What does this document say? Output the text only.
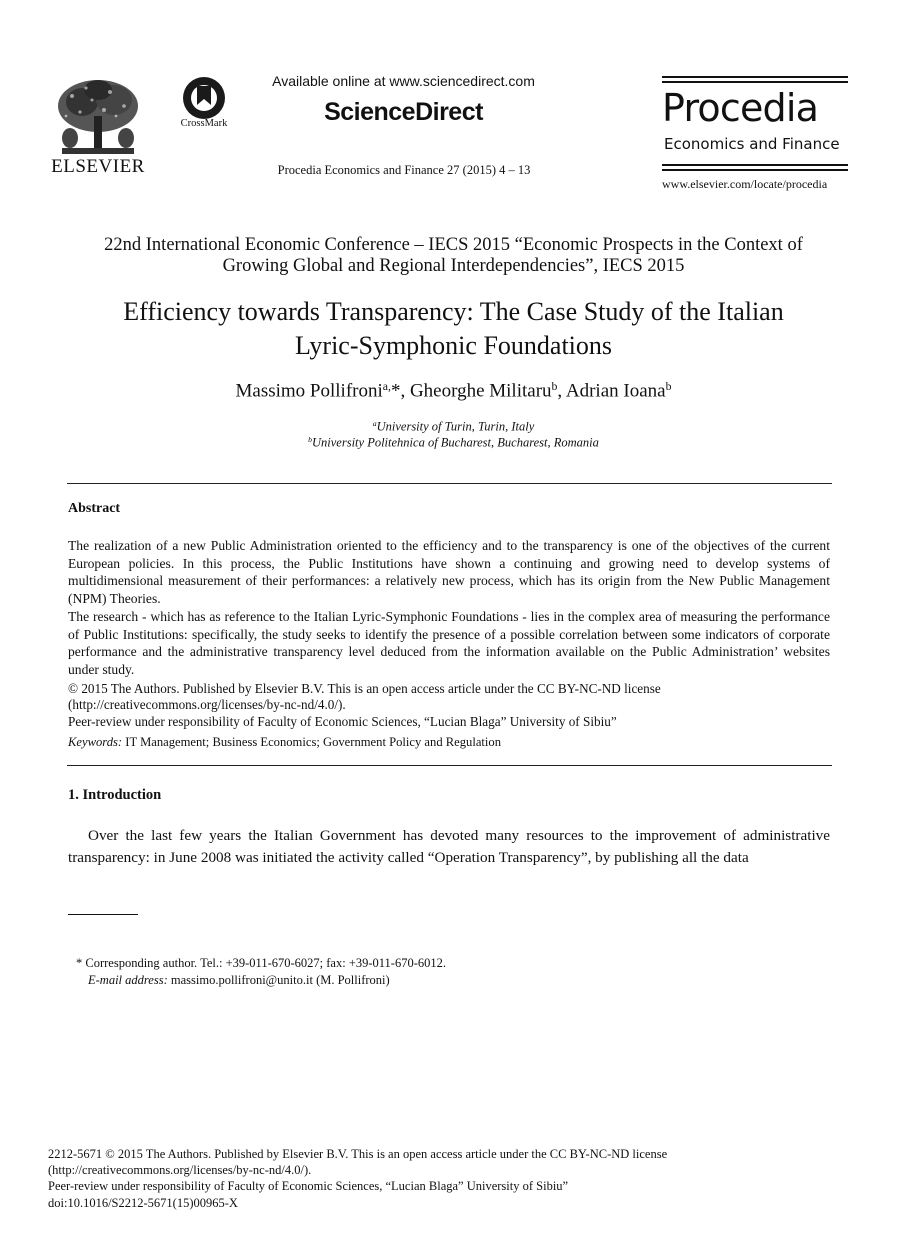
ELSEVIER
CrossMark
Available online at www.sciencedirect.com
ScienceDirect
Procedia Economics and Finance 27 (2015) 4 – 13
Procedia
Economics and Finance
www.elsevier.com/locate/procedia
22nd International Economic Conference – IECS 2015 “Economic Prospects in the Context of
Growing Global and Regional Interdependencies”, IECS 2015
Efficiency towards Transparency: The Case Study of the Italian
Lyric-Symphonic Foundations
Massimo Pollifroni$^{a,}$*, Gheorghe Militaru$^b$, Adrian Ioana$^b$
$^a$University of Turin, Turin, Italy
$^b$University Politehnica of Bucharest, Bucharest, Romania
Abstract
The realization of a new Public Administration oriented to the efficiency and to the transparency is one of the objectives of the current European policies. In this process, the Public Institutions have shown a continuing and growing need to develop systems of multidimensional measurement of their performances: a relatively new process, which has its origin from the New Public Management (NPM) Theories.
The research - which has as reference to the Italian Lyric-Symphonic Foundations - lies in the complex area of measuring the performance of Public Institutions: specifically, the study seeks to identify the presence of a possible correlation between some indicators of corporate performance and the administrative transparency level deduced from the information available on the Public Administration’ websites under study.
© 2015 The Authors. Published by Elsevier B.V. This is an open access article under the CC BY-NC-ND license
(http://creativecommons.org/licenses/by-nc-nd/4.0/).
Peer-review under responsibility of Faculty of Economic Sciences, “Lucian Blaga” University of Sibiu”
Keywords: IT Management; Business Economics; Government Policy and Regulation
1. Introduction
Over the last few years the Italian Government has devoted many resources to the improvement of administrative transparency: in June 2008 was initiated the activity called “Operation Transparency”, by publishing all the data
* Corresponding author. Tel.: +39-011-670-6027; fax: +39-011-670-6012.
E-mail address: massimo.pollifroni@unito.it (M. Pollifroni)
2212-5671 © 2015 The Authors. Published by Elsevier B.V. This is an open access article under the CC BY-NC-ND license
(http://creativecommons.org/licenses/by-nc-nd/4.0/).
Peer-review under responsibility of Faculty of Economic Sciences, “Lucian Blaga” University of Sibiu”
doi:10.1016/S2212-5671(15)00965-X
